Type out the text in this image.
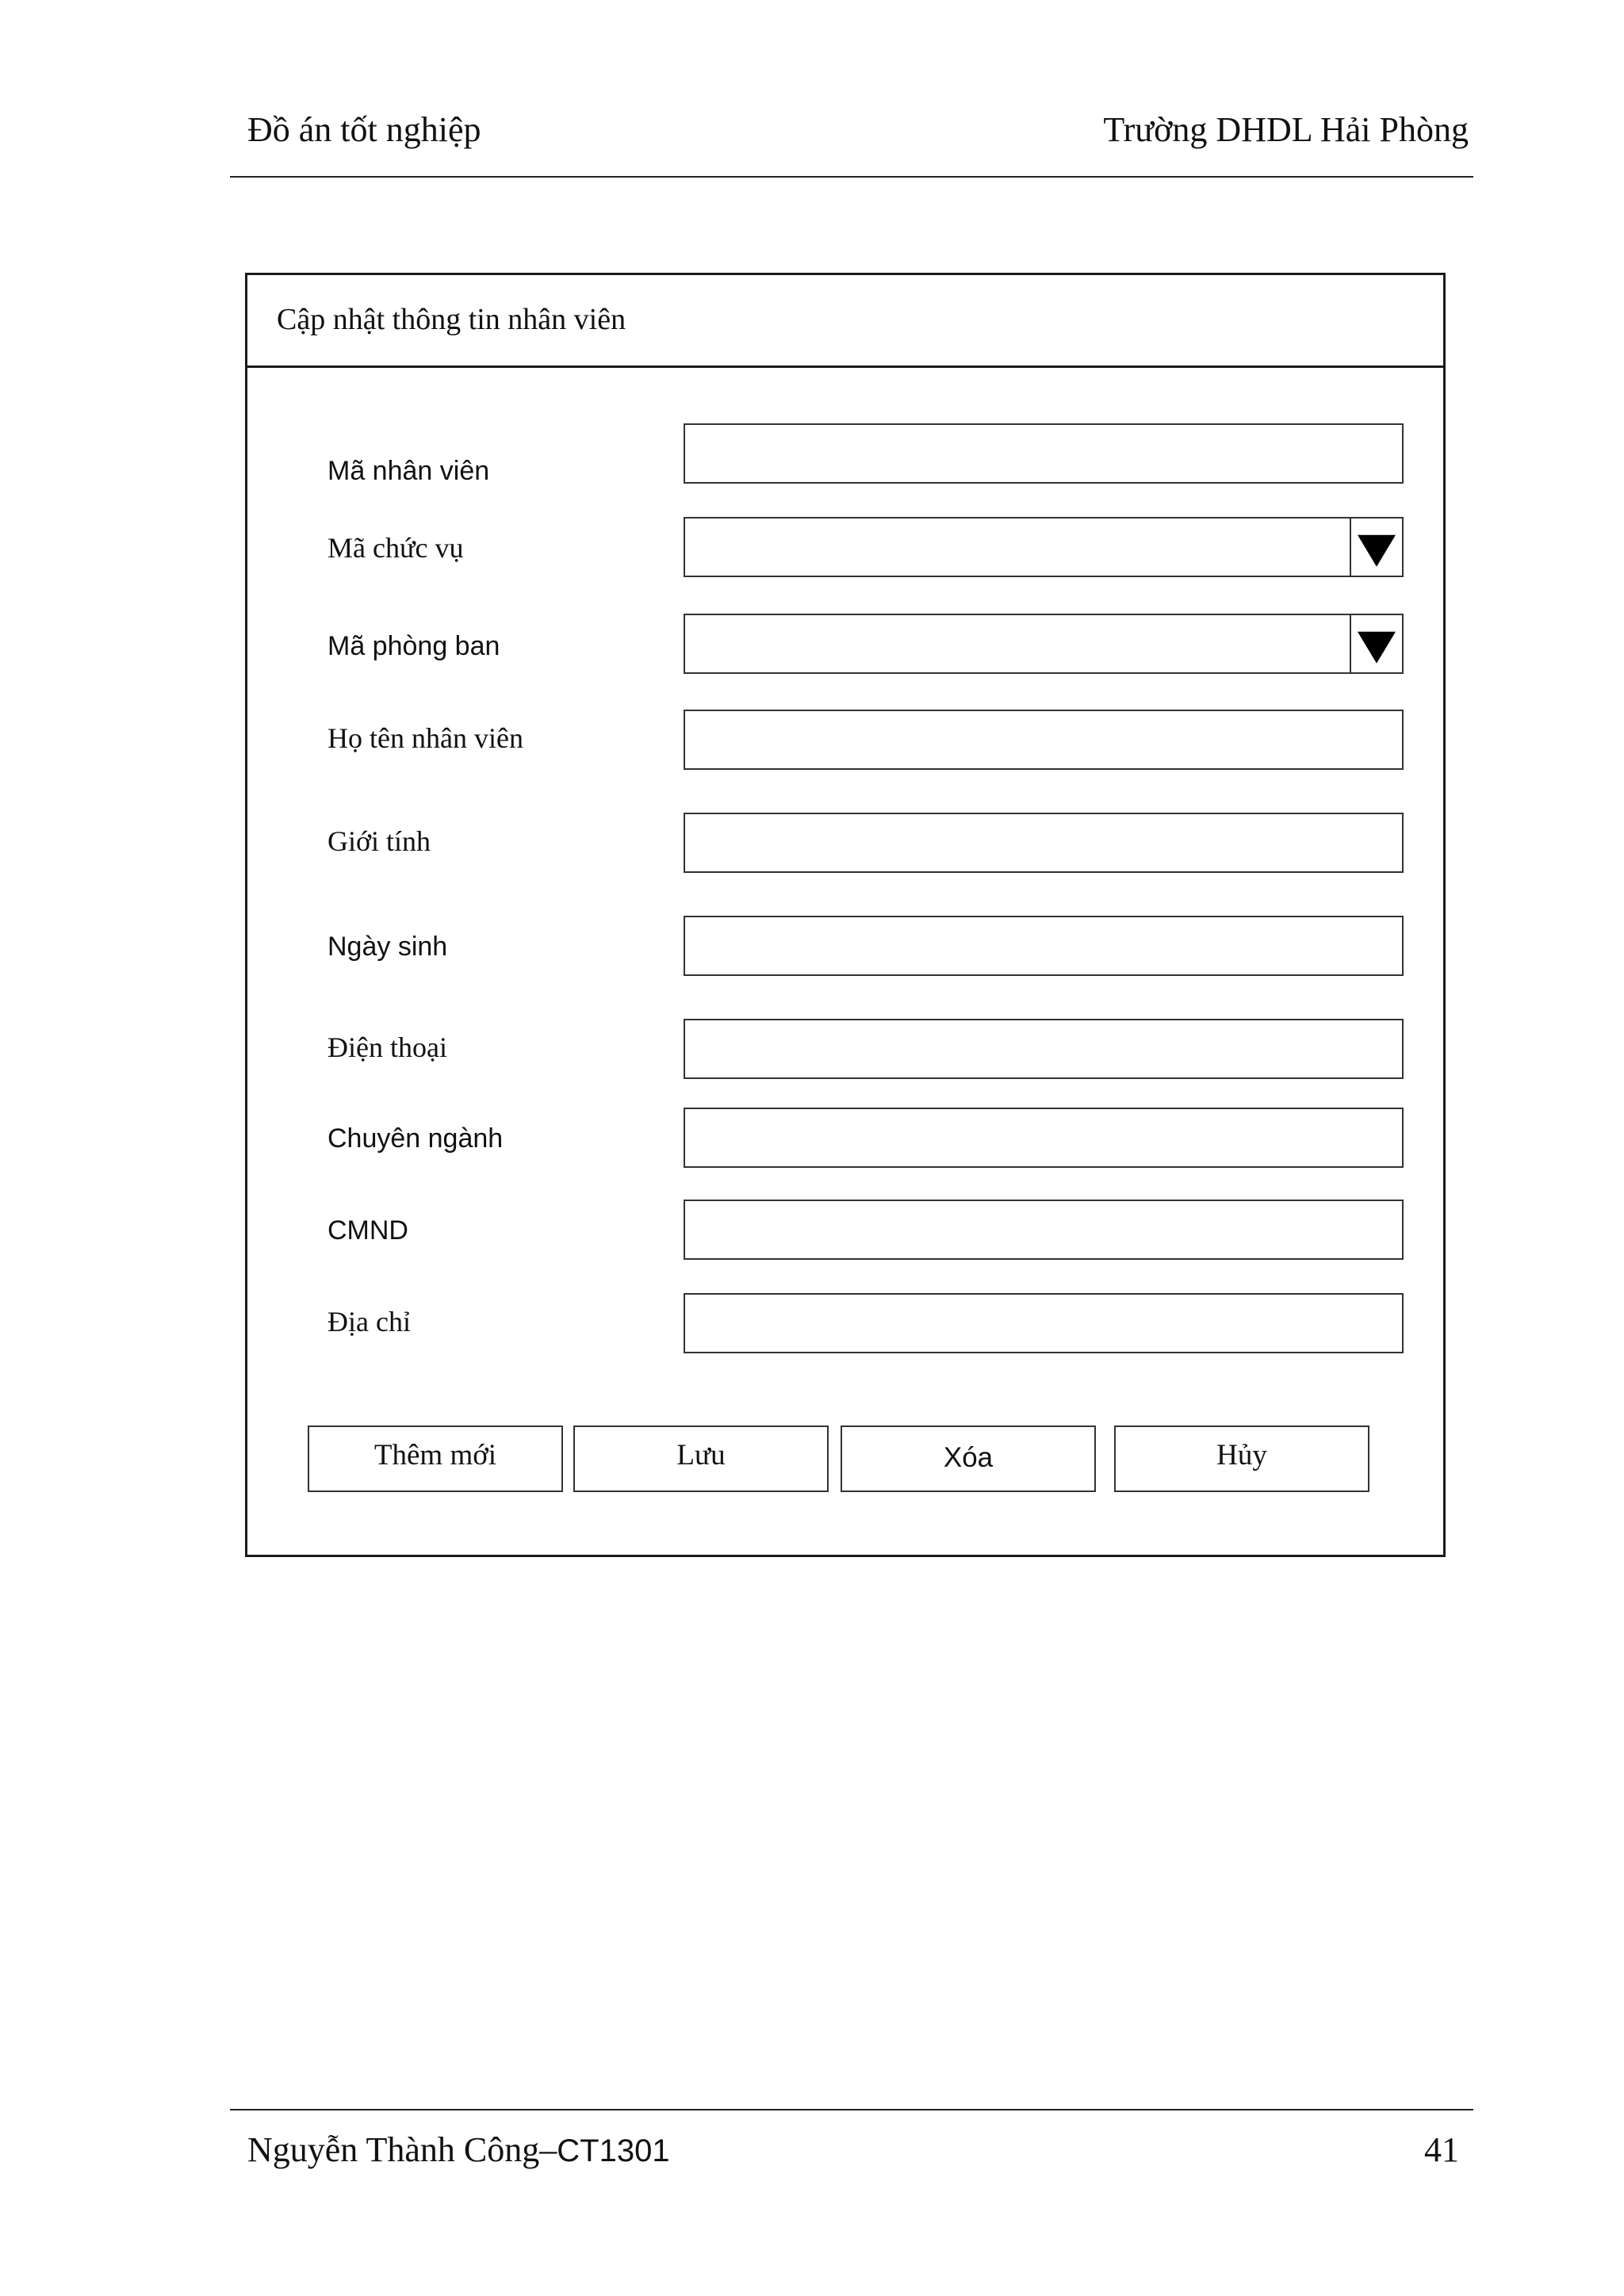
Đồ án tốt nghiệp	Trường DHDL Hải Phòng
Cập nhật thông tin nhân viên
Mã nhân viên
Mã chức vụ
Mã phòng ban
Họ tên nhân viên
Giới tính
Ngày sinh
Điện thoại
Chuyên ngành
CMND
Địa chỉ
Thêm mới	Lưu	Xóa	Hủy
Nguyễn Thành Công–CT1301	41
